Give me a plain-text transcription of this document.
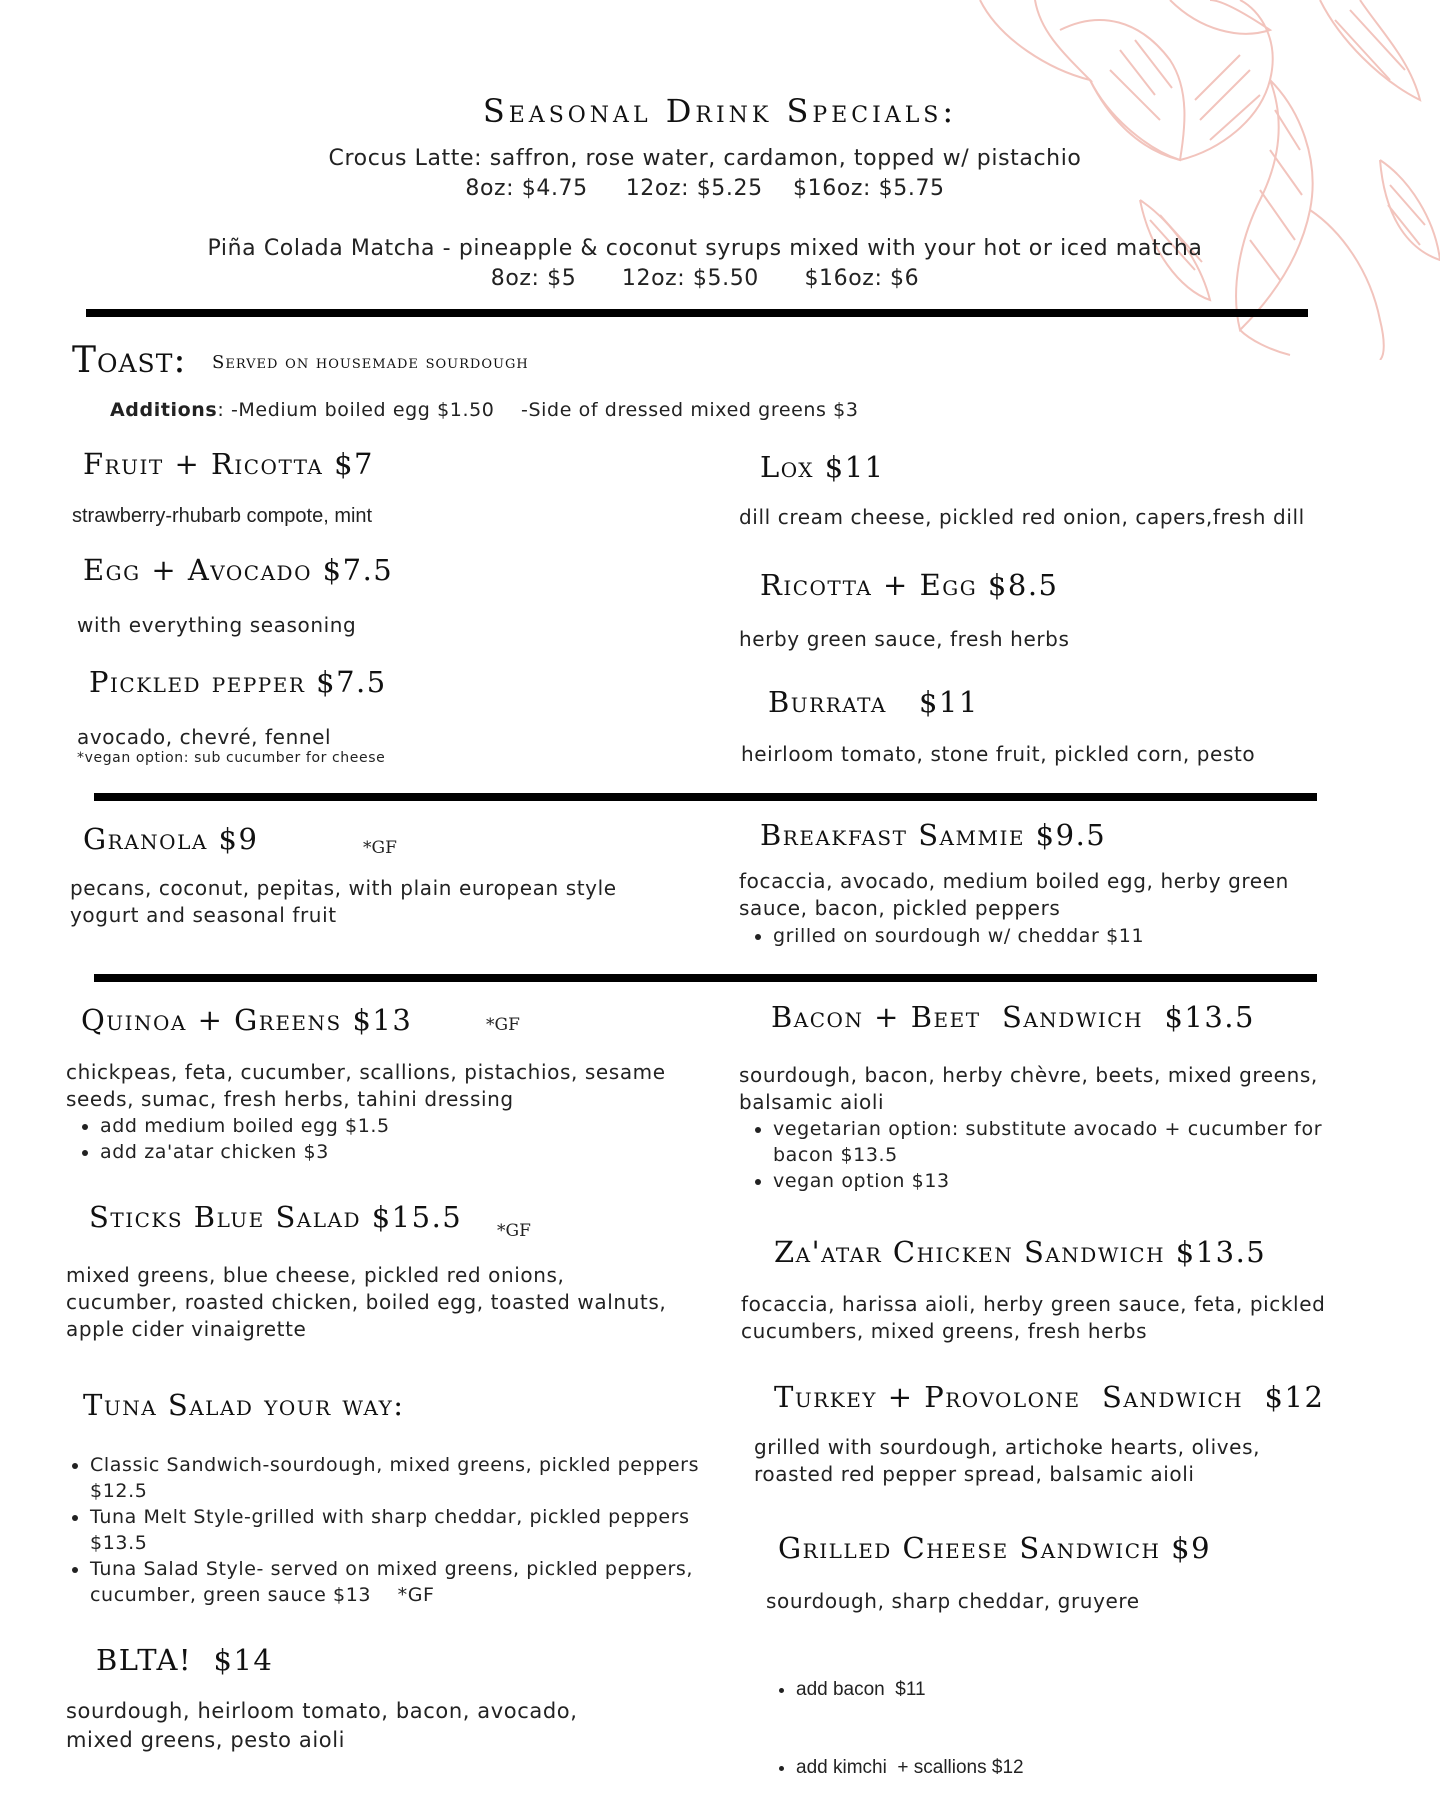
Seasonal Drink Specials:

Crocus Latte: saffron, rose water, cardamon, topped w/ pistachio

8oz: $4.75     12oz: $5.25    $16oz: $5.75

Piña Colada Matcha - pineapple & coconut syrups mixed with your hot or iced matcha

8oz: $5      12oz: $5.50      $16oz: $6

Toast: Served on housemade sourdough

Additions: -Medium boiled egg $1.50    -Side of dressed mixed greens $3

Fruit + Ricotta $7

strawberry-rhubarb compote, mint

Egg + Avocado $7.5

with everything seasoning

Pickled pepper $7.5

avocado, chevré, fennel

*vegan option: sub cucumber for cheese

Lox $11

dill cream cheese, pickled red onion, capers,fresh dill

Ricotta + Egg $8.5

herby green sauce, fresh herbs

Burrata   $11

heirloom tomato, stone fruit, pickled corn, pesto

Granola $9	*GF

pecans, coconut, pepitas, with plain european style yogurt and seasonal fruit

Breakfast Sammie $9.5

focaccia, avocado, medium boiled egg, herby green sauce, bacon, pickled peppers

• grilled on sourdough w/ cheddar $11
Quinoa + Greens $13	*GF

chickpeas, feta, cucumber, scallions, pistachios, sesame seeds, sumac, fresh herbs, tahini dressing

• add medium boiled egg $1.5
• add za'atar chicken $3
Sticks Blue Salad $15.5 *GF

mixed greens, blue cheese, pickled red onions, cucumber, roasted chicken, boiled egg, toasted walnuts, apple cider vinaigrette

Tuna Salad your way:
• Classic Sandwich-sourdough, mixed greens, pickled peppers $12.5
• Tuna Melt Style-grilled with sharp cheddar, pickled peppers $13.5
• Tuna Salad Style- served on mixed greens, pickled peppers, cucumber, green sauce $13    *GF
BLTA!  $14

sourdough, heirloom tomato, bacon, avocado, mixed greens, pesto aioli

Bacon + Beet  Sandwich  $13.5

sourdough, bacon, herby chèvre, beets, mixed greens, balsamic aioli

• vegetarian option: substitute avocado + cucumber for bacon $13.5
• vegan option $13
Za'atar Chicken Sandwich $13.5

focaccia, harissa aioli, herby green sauce, feta, pickled cucumbers, mixed greens, fresh herbs

Turkey + Provolone  Sandwich  $12

grilled with sourdough, artichoke hearts, olives, roasted red pepper spread, balsamic aioli

Grilled Cheese Sandwich $9

sourdough, sharp cheddar, gruyere

• add bacon  $11

• add kimchi  + scallions $12
